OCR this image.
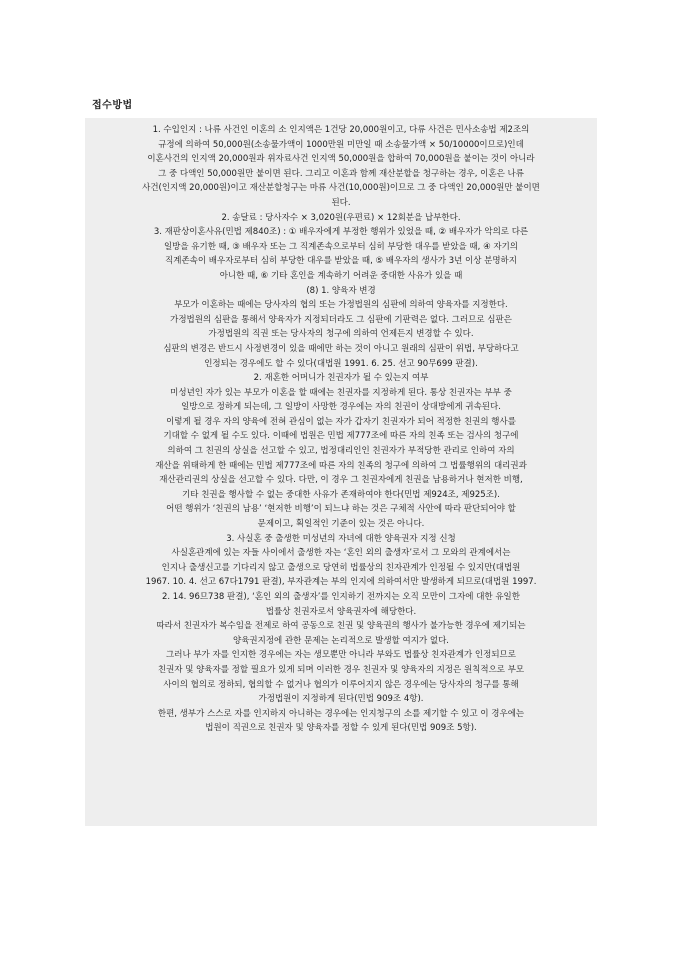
접수방법
1. 수입인지 : 나류 사건인 이혼의 소 인지액은 1건당 20,000원이고, 다류 사건은 민사소송법 제2조의
규정에 의하여 50,000원(소송물가액이 1000만원 미만일 때 소송물가액 × 50/10000이므로)인데
이혼사건의 인지액 20,000원과 위자료사건 인지액 50,000원을 합하여 70,000원을 붙이는 것이 아니라
그 중 다액인 50,000원만 붙이면 된다. 그리고 이혼과 함께 재산분할을 청구하는 경우, 이혼은 나류
사건(인지액 20,000원)이고 재산분할청구는 마류 사건(10,000원)이므로 그 중 다액인 20,000원만 붙이면
된다.
2. 송달료 : 당사자수 × 3,020원(우편료) × 12회분을 납부한다.
3. 재판상이혼사유(민법 제840조) : ① 배우자에게 부정한 행위가 있었을 때, ② 배우자가 악의로 다른
일방을 유기한 때, ③ 배우자 또는 그 직계존속으로부터 심히 부당한 대우를 받았을 때, ④ 자기의
직계존속이 배우자로부터 심히 부당한 대우를 받았을 때, ⑤ 배우자의 생사가 3년 이상 분명하지
아니한 때, ⑥ 기타 혼인을 계속하기 어려운 중대한 사유가 있을 때
(8) 1. 양육자 변경
부모가 이혼하는 때에는 당사자의 협의 또는 가정법원의 심판에 의하여 양육자를 지정한다.
가정법원의 심판을 통해서 양육자가 지정되더라도 그 심판에 기판력은 없다. 그러므로 심판은
가정법원의 직권 또는 당사자의 청구에 의하여 언제든지 변경할 수 있다.
심판의 변경은 반드시 사정변경이 있을 때에만 하는 것이 아니고 원래의 심판이 위법, 부당하다고
인정되는 경우에도 할 수 있다(대법원 1991. 6. 25. 선고 90무699 판결).
2. 재혼한 어머니가 친권자가 될 수 있는지 여부
미성년인 자가 있는 부모가 이혼을 할 때에는 친권자를 지정하게 된다. 통상 친권자는 부부 중
일방으로 정하게 되는데, 그 일방이 사망한 경우에는 자의 친권이 상대방에게 귀속된다.
이렇게 될 경우 자의 양육에 전혀 관심이 없는 자가 갑자기 친권자가 되어 적정한 친권의 행사를
기대할 수 없게 될 수도 있다. 이때에 법원은 민법 제777조에 따른 자의 친족 또는 검사의 청구에
의하여 그 친권의 상실을 선고할 수 있고, 법정대리인인 친권자가 부적당한 관리로 인하여 자의
재산을 위태하게 한 때에는 민법 제777조에 따른 자의 친족의 청구에 의하여 그 법률행위의 대리권과
재산관리권의 상실을 선고할 수 있다. 다만, 이 경우 그 친권자에게 친권을 남용하거나 현저한 비행,
기타 친권을 행사할 수 없는 중대한 사유가 존재하여야 한다(민법 제924조, 제925조).
어떤 행위가 ‘친권의 남용’ ‘현저한 비행’이 되느냐 하는 것은 구체적 사안에 따라 판단되어야 할
문제이고, 획일적인 기준이 있는 것은 아니다.
3. 사실혼 중 출생한 미성년의 자녀에 대한 양육권자 지정 신청
사실혼관계에 있는 자들 사이에서 출생한 자는 ‘혼인 외의 출생자’로서 그 모와의 관계에서는
인지나 출생신고를 기다리지 않고 출생으로 당연히 법률상의 친자관계가 인정될 수 있지만(대법원
1967. 10. 4. 선고 67다1791 판결), 부자관계는 부의 인지에 의하여서만 발생하게 되므로(대법원 1997.
2. 14. 96므738 판결), ‘혼인 외의 출생자’를 인지하기 전까지는 오직 모만이 그자에 대한 유일한
법률상 친권자로서 양육권자에 해당한다.
따라서 친권자가 복수임을 전제로 하여 공동으로 친권 및 양육권의 행사가 불가능한 경우에 제기되는
양육권지정에 관한 문제는 논리적으로 발생할 여지가 없다.
그러나 부가 자를 인지한 경우에는 자는 생모뿐만 아니라 부와도 법률상 친자관계가 인정되므로
친권자 및 양육자를 정할 필요가 있게 되며 이러한 경우 친권자 및 양육자의 지정은 원칙적으로 부모
사이의 협의로 정하되, 협의할 수 없거나 협의가 이루어지지 않은 경우에는 당사자의 청구를 통해
가정법원이 지정하게 된다(민법 909조 4항).
한편, 생부가 스스로 자를 인지하지 아니하는 경우에는 인지청구의 소를 제기할 수 있고 이 경우에는
법원이 직권으로 친권자 및 양육자를 정할 수 있게 된다(민법 909조 5항).
